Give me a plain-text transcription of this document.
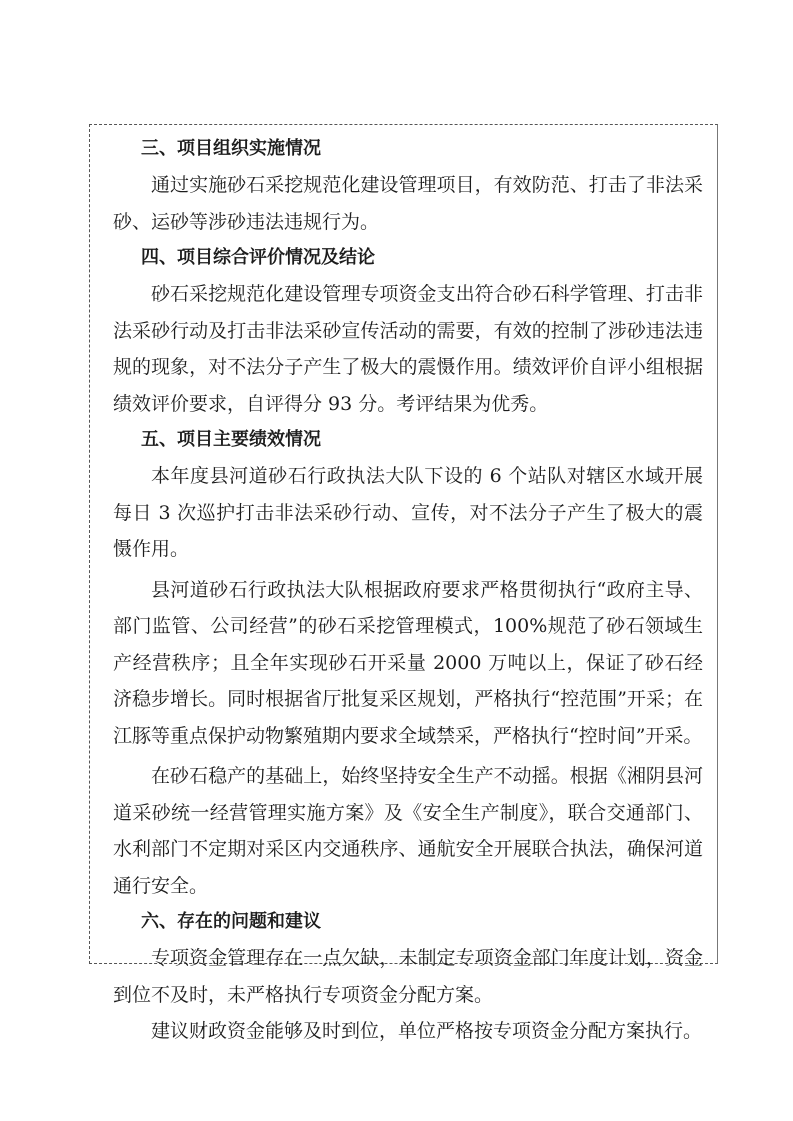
三、项目组织实施情况

通过实施砂石采挖规范化建设管理项目，有效防范、打击了非法采砂、运砂等涉砂违法违规行为。

四、项目综合评价情况及结论

砂石采挖规范化建设管理专项资金支出符合砂石科学管理、打击非法采砂行动及打击非法采砂宣传活动的需要，有效的控制了涉砂违法违规的现象，对不法分子产生了极大的震慑作用。绩效评价自评小组根据绩效评价要求，自评得分 93 分。考评结果为优秀。

五、项目主要绩效情况

本年度县河道砂石行政执法大队下设的 6 个站队对辖区水域开展每日 3 次巡护打击非法采砂行动、宣传，对不法分子产生了极大的震慑作用。

县河道砂石行政执法大队根据政府要求严格贯彻执行“政府主导、部门监管、公司经营”的砂石采挖管理模式，100%规范了砂石领域生产经营秩序；且全年实现砂石开采量 2000 万吨以上，保证了砂石经济稳步增长。同时根据省厅批复采区规划，严格执行“控范围”开采；在江豚等重点保护动物繁殖期内要求全域禁采，严格执行“控时间”开采。

在砂石稳产的基础上，始终坚持安全生产不动摇。根据《湘阴县河道采砂统一经营管理实施方案》及《安全生产制度》，联合交通部门、水利部门不定期对采区内交通秩序、通航安全开展联合执法，确保河道通行安全。

六、存在的问题和建议

专项资金管理存在一点欠缺，未制定专项资金部门年度计划，资金到位不及时，未严格执行专项资金分配方案。

建议财政资金能够及时到位，单位严格按专项资金分配方案执行。
